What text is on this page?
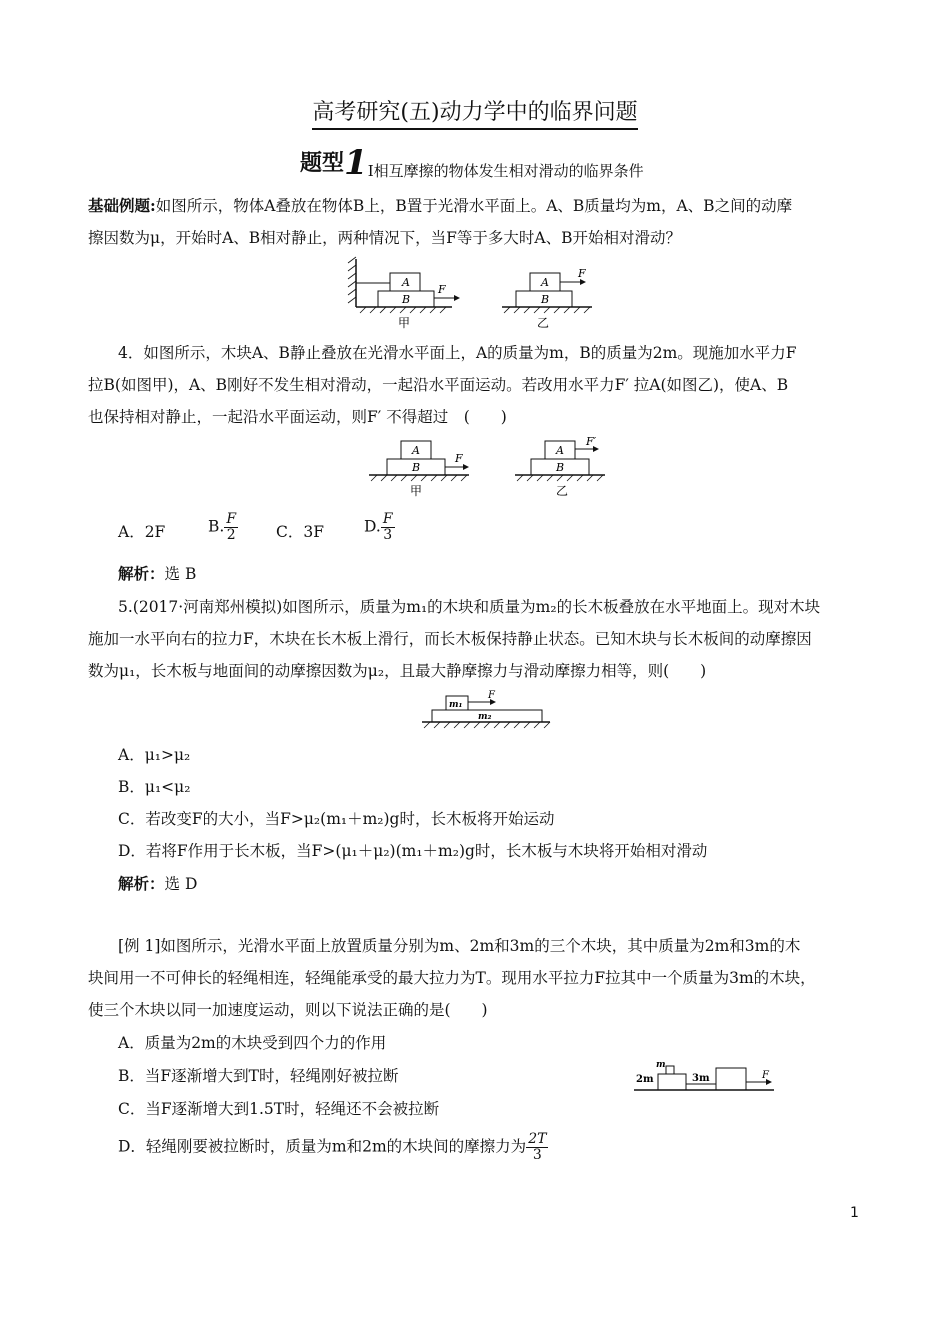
高考研究(五)动力学中的临界问题
题型1I相互摩擦的物体发生相对滑动的临界条件
基础例题:如图所示，物体A叠放在物体B上，B置于光滑水平面上。A、B质量均为m，A、B之间的动摩
擦因数为μ，开始时A、B相对静止，两种情况下，当F等于多大时A、B开始相对滑动？
A
B
F
甲
A
B
F
乙
4．如图所示，木块A、B静止叠放在光滑水平面上，A的质量为m，B的质量为2m。现施加水平力F
拉B(如图甲)，A、B刚好不发生相对滑动，一起沿水平面运动。若改用水平力F′ 拉A(如图乙)，使A、B
也保持相对静止，一起沿水平面运动，则F′ 不得超过　(　　)
A
B
F
甲
A
B
F′
乙
A．2F	B. $\frac{F}{2}$ C．3F	D. $\frac{F}{3}$
解析：选 B
5.(2017·河南郑州模拟)如图所示，质量为m₁的木块和质量为m₂的长木板叠放在水平地面上。现对木块
施加一水平向右的拉力F，木块在长木板上滑行，而长木板保持静止状态。已知木块与长木板间的动摩擦因
数为μ₁，长木板与地面间的动摩擦因数为μ₂，且最大静摩擦力与滑动摩擦力相等，则(　　)
m₁
m₂
F
A．μ₁>μ₂
B．μ₁<μ₂
C．若改变F的大小，当F>μ₂(m₁＋m₂)g时，长木板将开始运动
D．若将F作用于长木板，当F>(μ₁＋μ₂)(m₁＋m₂)g时，长木板与木块将开始相对滑动
解析：选 D
[例 1]如图所示，光滑水平面上放置质量分别为m、2m和3m的三个木块，其中质量为2m和3m的木
块间用一不可伸长的轻绳相连，轻绳能承受的最大拉力为T。现用水平拉力F拉其中一个质量为3m的木块，
使三个木块以同一加速度运动，则以下说法正确的是(　　)
A．质量为2m的木块受到四个力的作用
B．当F逐渐增大到T时，轻绳刚好被拉断
C．当F逐渐增大到1.5T时，轻绳还不会被拉断
D．轻绳刚要被拉断时，质量为m和2m的木块间的摩擦力为 $\frac{2T}{3}$
m
2m	3m	F
1
